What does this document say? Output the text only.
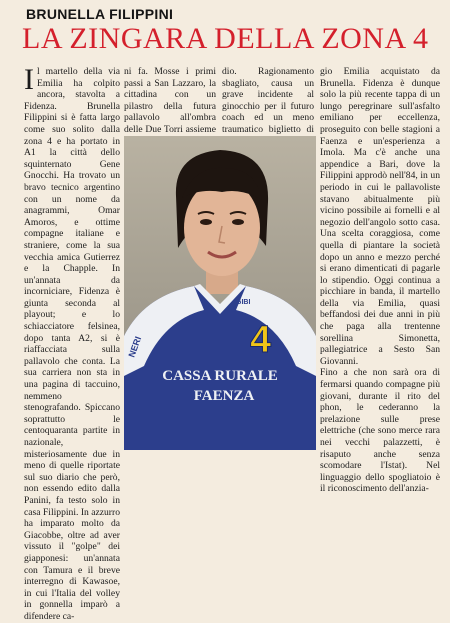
BRUNELLA FILIPPINI
LA ZINGARA DELLA ZONA 4
Il martello della via Emilia ha colpito ancora, stavolta a Fidenza. Brunella Filippini si è fatta largo come suo solito dalla zona 4 e ha portato in A1 la città dello squinternato Gene Gnocchi. Ha trovato un bravo tecnico argentino con un nome da anagrammi, Omar Amoros, e ottime compagne italiane e straniere, come la sua vecchia amica Gutierrez e la Chapple. In un'annata da incorniciare, Fidenza è giunta seconda al playout; e lo schiacciatore felsinea, dopo tanta A2, si è riaffacciata sulla pallavolo che conta. La sua carriera non sta in una pagina di taccuino, nemmeno stenografando. Spiccano soprattutto le centoquaranta partite in nazionale, misteriosamente due in meno di quelle riportate sul suo diario che però, non essendo edito dalla Panini, fa testo solo in casa Filippini. In azzurro ha imparato molto da Giacobbe, oltre ad aver vissuto il "golpe" dei giapponesi: un'annata con Tamura e il breve interregno di Kawasoe, in cui l'Italia del volley in gonnella imparò a difendere ca-
ni fa. Mosse i primi passi a San Lazzaro, la cittadina con un pilastro della futura pallavolo all'ombra delle Due Torri assieme
dio. Ragionamento sbagliato, causa un grave incidente al ginocchio per il futuro coach ed un meno traumatico biglietto di
gio Emilia acquistato da Brunella. Fidenza è dunque solo la più recente tappa di un lungo peregrinare sull'asfalto emiliano per eccellenza, proseguito con belle stagioni a Faenza e un'esperienza a Imola. Ma c'è anche una appendice a Bari, dove la Filippini approdò nell'84, in un periodo in cui le pallavoliste stavano abitualmente più vicino possibile ai fornelli e al negozio dell'angolo sotto casa. Una scelta coraggiosa, come quella di piantare la società dopo un anno e mezzo perché si erano dimenticati di pagarle lo stipendio. Oggi continua a picchiare in banda, il martello della via Emilia, quasi beffandosi dei due anni in più che paga alla trentenne sorellina Simonetta, pallegiatrice a Sesto San Giovanni.
Fino a che non sarà ora di fermarsi quando compagne più giovani, durante il rito del phon, le cederanno la prelazione sulle prese elettriche (che sono merce rara nei vecchi palazzetti, è risaputo anche senza scomodare l'Istat). Nel linguaggio dello spogliatoio è il riconoscimento dell'anzia-
4
GIBI
NERI
CASSA RURALE
FAENZA
